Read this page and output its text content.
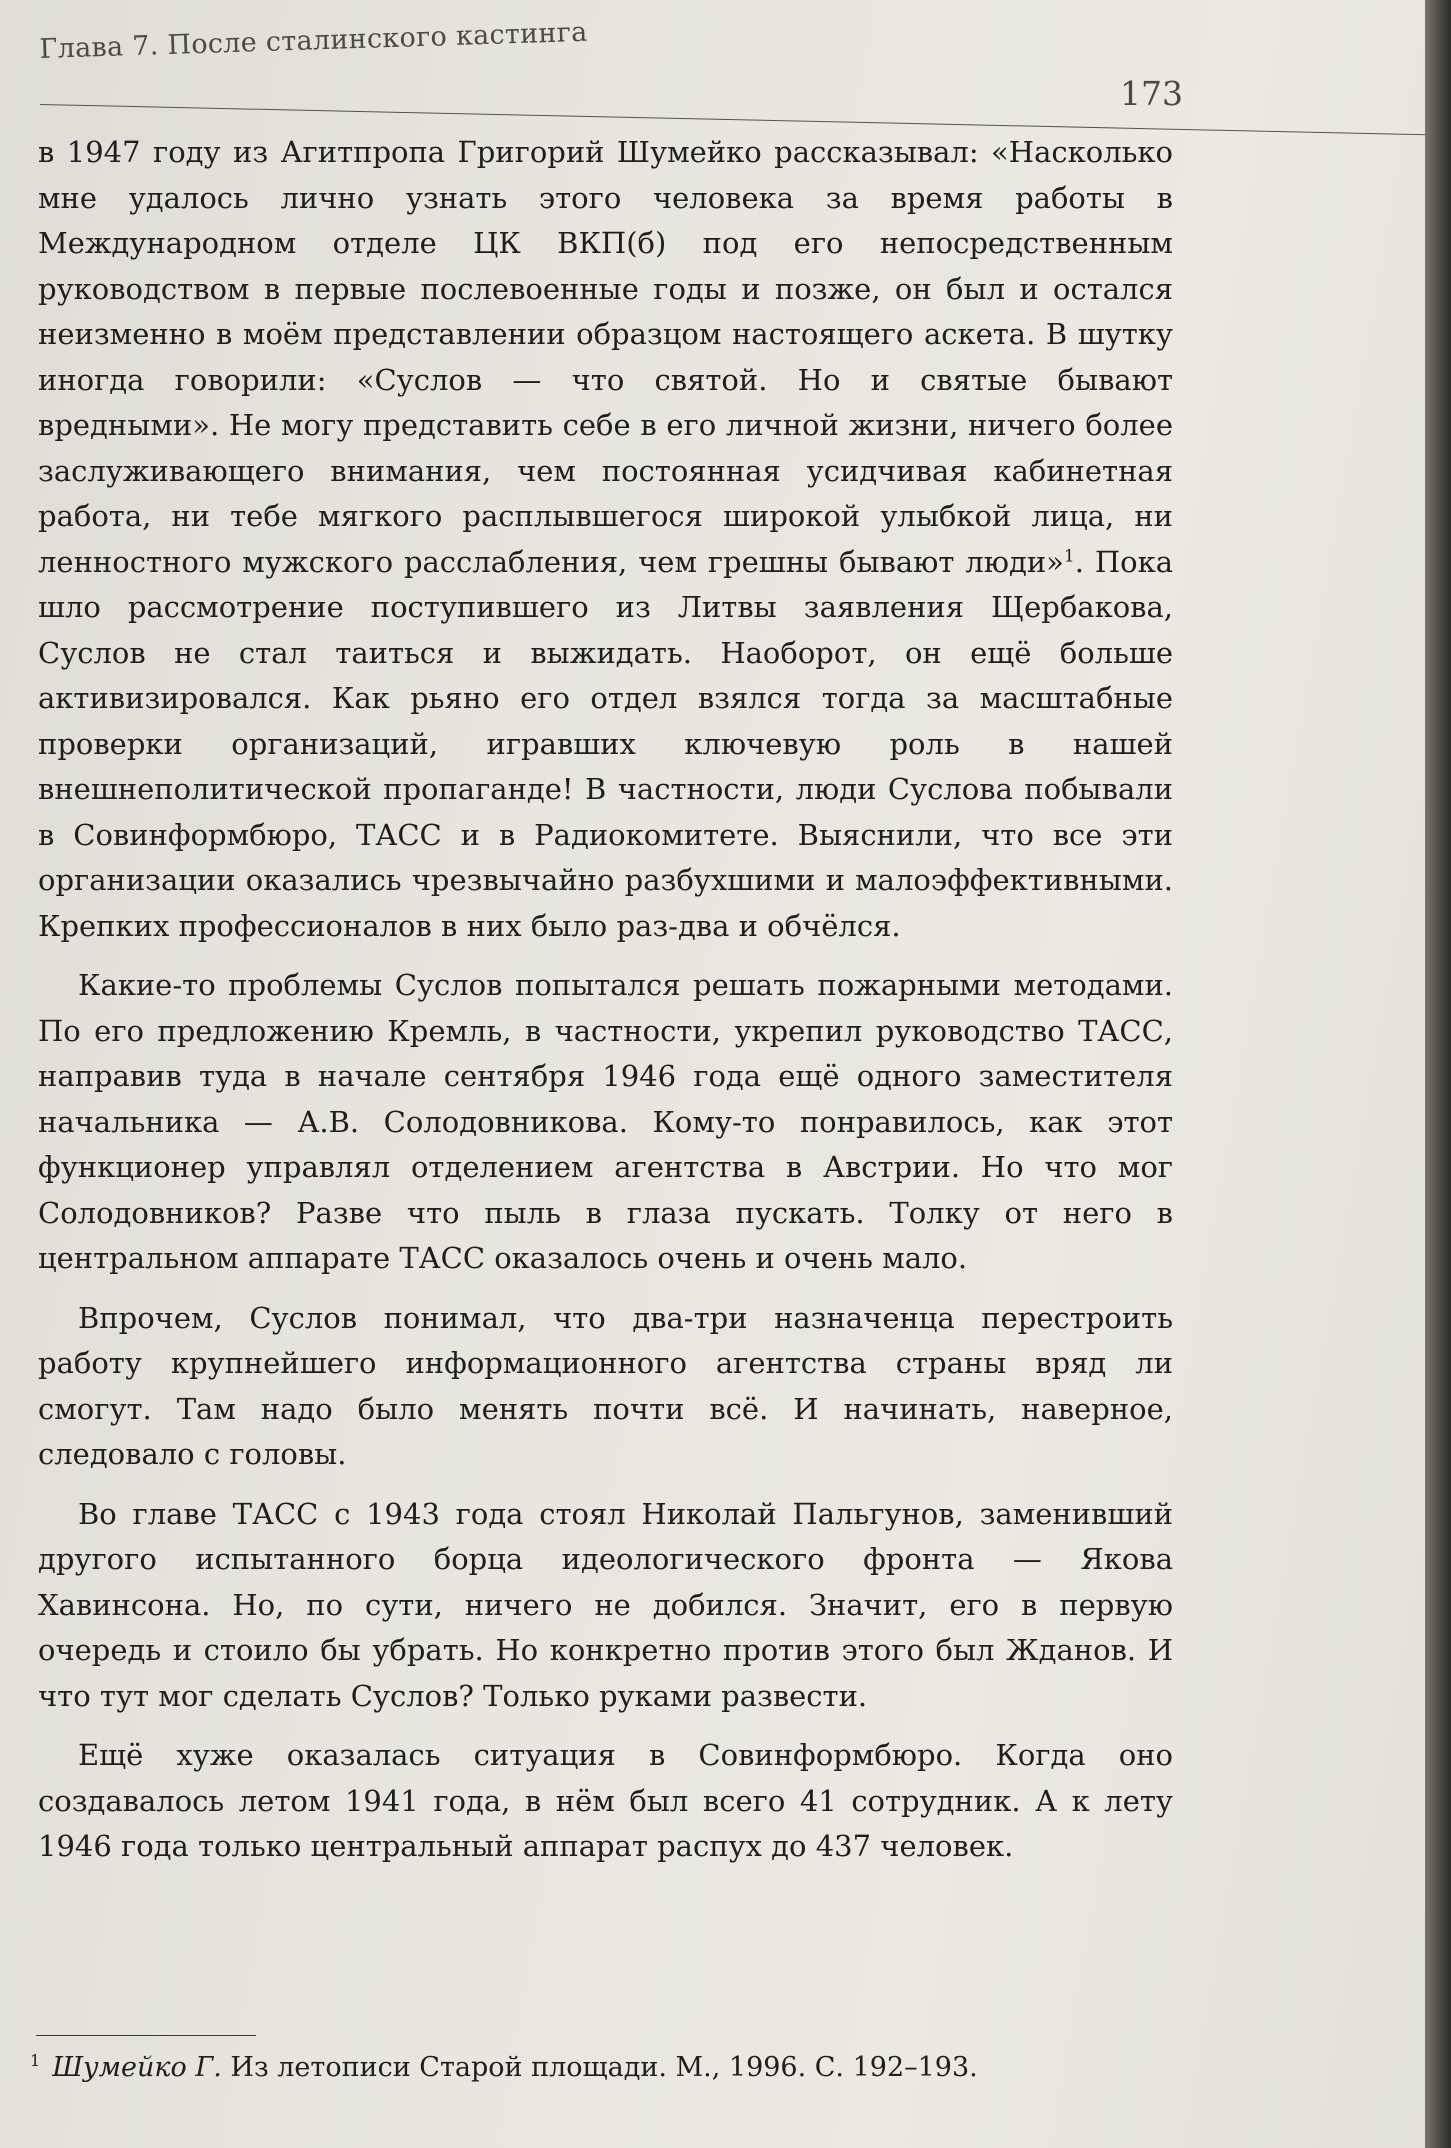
Глава 7. После сталинского кастинга
173

в 1947 году из Агитпропа Григорий Шумейко рассказывал: «Насколько мне удалось лично узнать этого человека за время работы в Международном отделе ЦК ВКП(б) под его непосредственным руководством в первые послевоенные годы и позже, он был и остался неизменно в моём представлении образцом настоящего аскета. В шутку иногда говорили: «Суслов — что святой. Но и святые бывают вредными». Не могу представить себе в его личной жизни, ничего более заслуживающего внимания, чем постоянная усидчивая кабинетная работа, ни тебе мягкого расплывшегося широкой улыбкой лица, ни ленностного мужского расслабления, чем грешны бывают люди»$^1$. Пока шло рассмотрение поступившего из Литвы заявления Щербакова, Суслов не стал таиться и выжидать. Наоборот, он ещё больше активизировался. Как рьяно его отдел взялся тогда за масштабные проверки организаций, игравших ключевую роль в нашей внешнеполитической пропаганде! В частности, люди Суслова побывали в Совинформбюро, ТАСС и в Радиокомитете. Выяснили, что все эти организации оказались чрезвычайно разбухшими и малоэффективными. Крепких профессионалов в них было раз-два и обчёлся.

Какие-то проблемы Суслов попытался решать пожарными методами. По его предложению Кремль, в частности, укрепил руководство ТАСС, направив туда в начале сентября 1946 года ещё одного заместителя начальника — А.В. Солодовникова. Кому-то понравилось, как этот функционер управлял отделением агентства в Австрии. Но что мог Солодовников? Разве что пыль в глаза пускать. Толку от него в центральном аппарате ТАСС оказалось очень и очень мало.

Впрочем, Суслов понимал, что два-три назначенца перестроить работу крупнейшего информационного агентства страны вряд ли смогут. Там надо было менять почти всё. И начинать, наверное, следовало с головы.

Во главе ТАСС с 1943 года стоял Николай Пальгунов, заменивший другого испытанного борца идеологического фронта — Якова Хавинсона. Но, по сути, ничего не добился. Значит, его в первую очередь и стоило бы убрать. Но конкретно против этого был Жданов. И что тут мог сделать Суслов? Только руками развести.

Ещё хуже оказалась ситуация в Совинформбюро. Когда оно создавалось летом 1941 года, в нём был всего 41 сотрудник. А к лету 1946 года только центральный аппарат распух до 437 человек.

$^1$ Шумейко Г. Из летописи Старой площади. М., 1996. С. 192–193.
